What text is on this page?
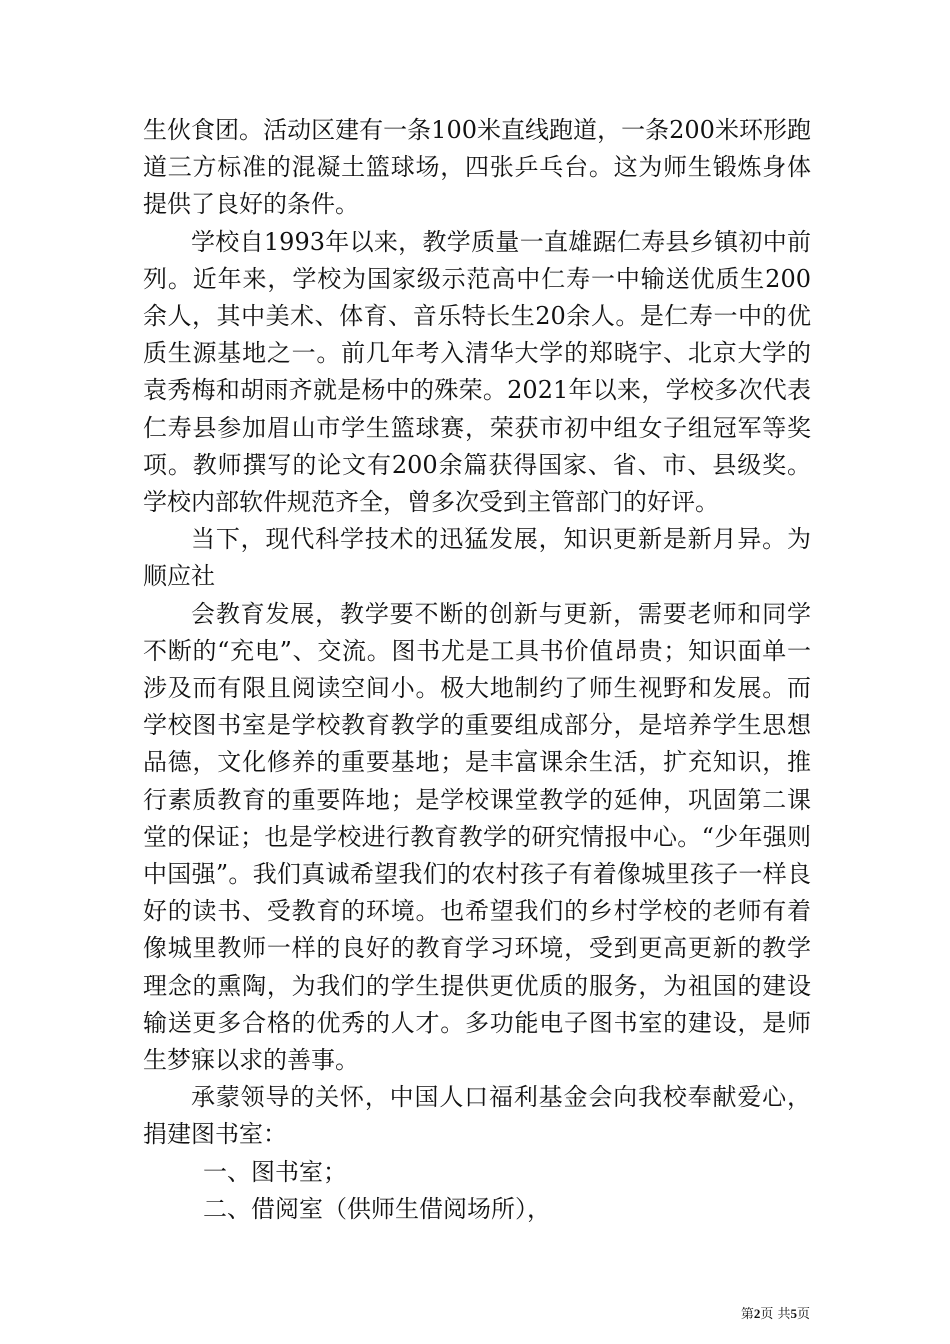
生伙食团。活动区建有一条100米直线跑道，一条200米环形跑道三方标准的混凝土篮球场，四张乒乓台。这为师生锻炼身体提供了良好的条件。

学校自1993年以来，教学质量一直雄踞仁寿县乡镇初中前列。近年来，学校为国家级示范高中仁寿一中输送优质生200余人，其中美术、体育、音乐特长生20余人。是仁寿一中的优质生源基地之一。前几年考入清华大学的郑晓宇、北京大学的袁秀梅和胡雨齐就是杨中的殊荣。2021年以来，学校多次代表仁寿县参加眉山市学生篮球赛，荣获市初中组女子组冠军等奖项。教师撰写的论文有200余篇获得国家、省、市、县级奖。学校内部软件规范齐全，曾多次受到主管部门的好评。

当下，现代科学技术的迅猛发展，知识更新是新月异。为顺应社

会教育发展，教学要不断的创新与更新，需要老师和同学不断的“充电”、交流。图书尤是工具书价值昂贵；知识面单一涉及而有限且阅读空间小。极大地制约了师生视野和发展。而学校图书室是学校教育教学的重要组成部分，是培养学生思想品德，文化修养的重要基地；是丰富课余生活，扩充知识，推行素质教育的重要阵地；是学校课堂教学的延伸，巩固第二课堂的保证；也是学校进行教育教学的研究情报中心。“少年强则中国强”。我们真诚希望我们的农村孩子有着像城里孩子一样良好的读书、受教育的环境。也希望我们的乡村学校的老师有着像城里教师一样的良好的教育学习环境，受到更高更新的教学理念的熏陶，为我们的学生提供更优质的服务，为祖国的建设输送更多合格的优秀的人才。多功能电子图书室的建设，是师生梦寐以求的善事。

承蒙领导的关怀，中国人口福利基金会向我校奉献爱心，捐建图书室：

一、图书室；

二、借阅室（供师生借阅场所），

第2页 共5页
